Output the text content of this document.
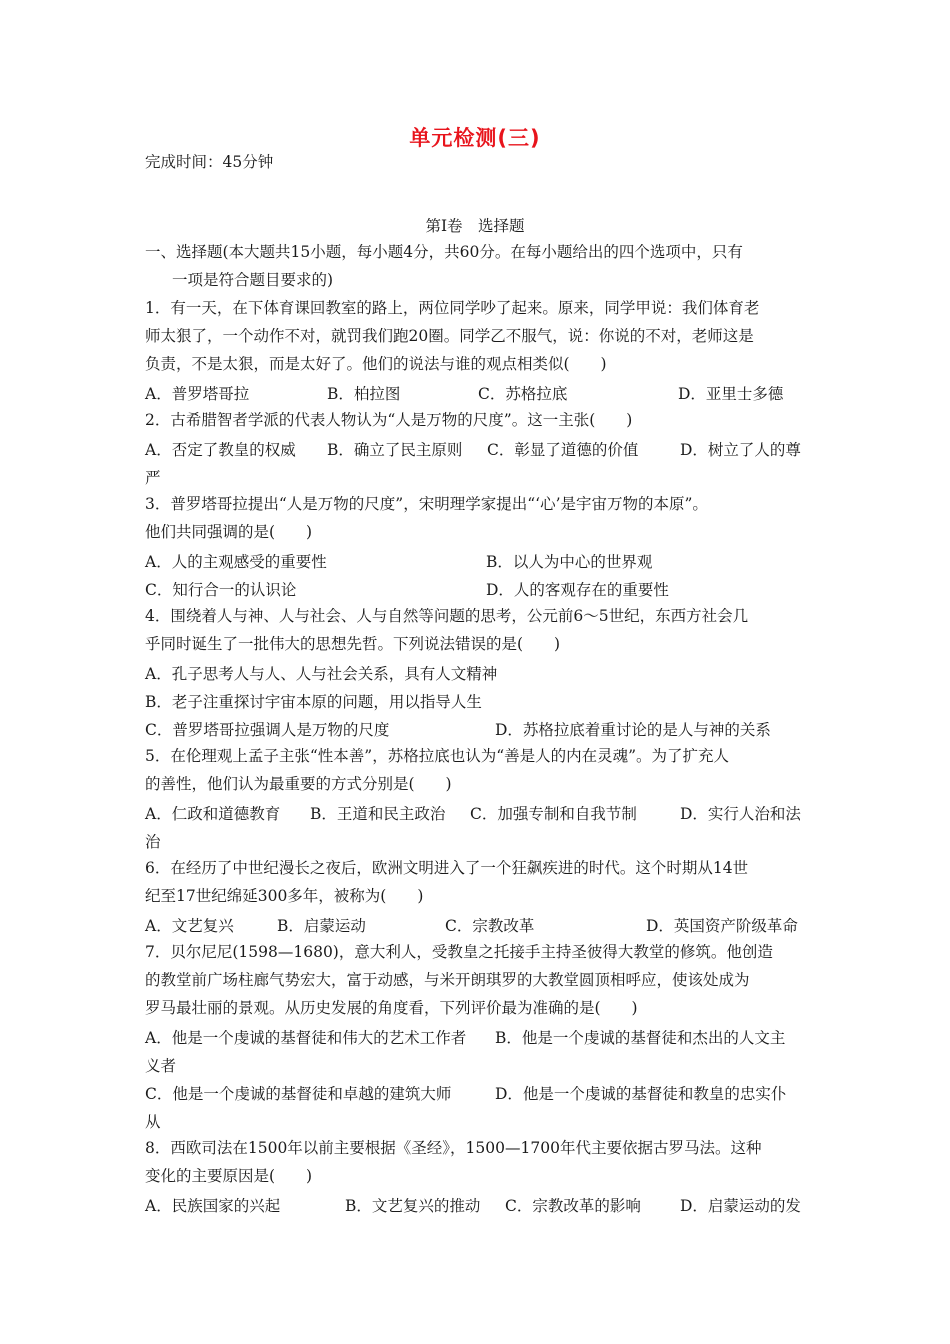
单元检测(三)
完成时间：45分钟
第Ⅰ卷　选择题
一、选择题(本大题共15小题，每小题4分，共60分。在每小题给出的四个选项中，只有
一项是符合题目要求的)
1．有一天，在下体育课回教室的路上，两位同学吵了起来。原来，同学甲说：我们体育老
师太狠了，一个动作不对，就罚我们跑20圈。同学乙不服气，说：你说的不对，老师这是
负责，不是太狠，而是太好了。他们的说法与谁的观点相类似(　　)
A．普罗塔哥拉	B．柏拉图	C．苏格拉底	D．亚里士多德
2．古希腊智者学派的代表人物认为“人是万物的尺度”。这一主张(　　)
A．否定了教皇的权威 B．确立了民主原则 C．彰显了道德的价值	D．树立了人的尊
严
3．普罗塔哥拉提出“人是万物的尺度”，宋明理学家提出“‘心’是宇宙万物的本原”。
他们共同强调的是(　　)
A．人的主观感受的重要性	B．以人为中心的世界观
C．知行合一的认识论	D．人的客观存在的重要性
4．围绕着人与神、人与社会、人与自然等问题的思考，公元前6～5世纪，东西方社会几
乎同时诞生了一批伟大的思想先哲。下列说法错误的是(　　)
A．孔子思考人与人、人与社会关系，具有人文精神
B．老子注重探讨宇宙本原的问题，用以指导人生
C．普罗塔哥拉强调人是万物的尺度	D．苏格拉底着重讨论的是人与神的关系
5．在伦理观上孟子主张“性本善”，苏格拉底也认为“善是人的内在灵魂”。为了扩充人
的善性，他们认为最重要的方式分别是(　　)
A．仁政和道德教育 B．王道和民主政治 C．加强专制和自我节制	D．实行人治和法
治
6．在经历了中世纪漫长之夜后，欧洲文明进入了一个狂飙疾进的时代。这个时期从14世
纪至17世纪绵延300多年，被称为(　　)
A．文艺复兴	B．启蒙运动	C．宗教改革	D．英国资产阶级革命
7．贝尔尼尼(1598—1680)，意大利人，受教皇之托接手主持圣彼得大教堂的修筑。他创造
的教堂前广场柱廊气势宏大，富于动感，与米开朗琪罗的大教堂圆顶相呼应，使该处成为
罗马最壮丽的景观。从历史发展的角度看，下列评价最为准确的是(　　)
A．他是一个虔诚的基督徒和伟大的艺术工作者 B．他是一个虔诚的基督徒和杰出的人文主
义者
C．他是一个虔诚的基督徒和卓越的建筑大师	D．他是一个虔诚的基督徒和教皇的忠实仆
从
8．西欧司法在1500年以前主要根据《圣经》，1500—1700年代主要依据古罗马法。这种
变化的主要原因是(　　)
A．民族国家的兴起	B．文艺复兴的推动 C．宗教改革的影响	D．启蒙运动的发
